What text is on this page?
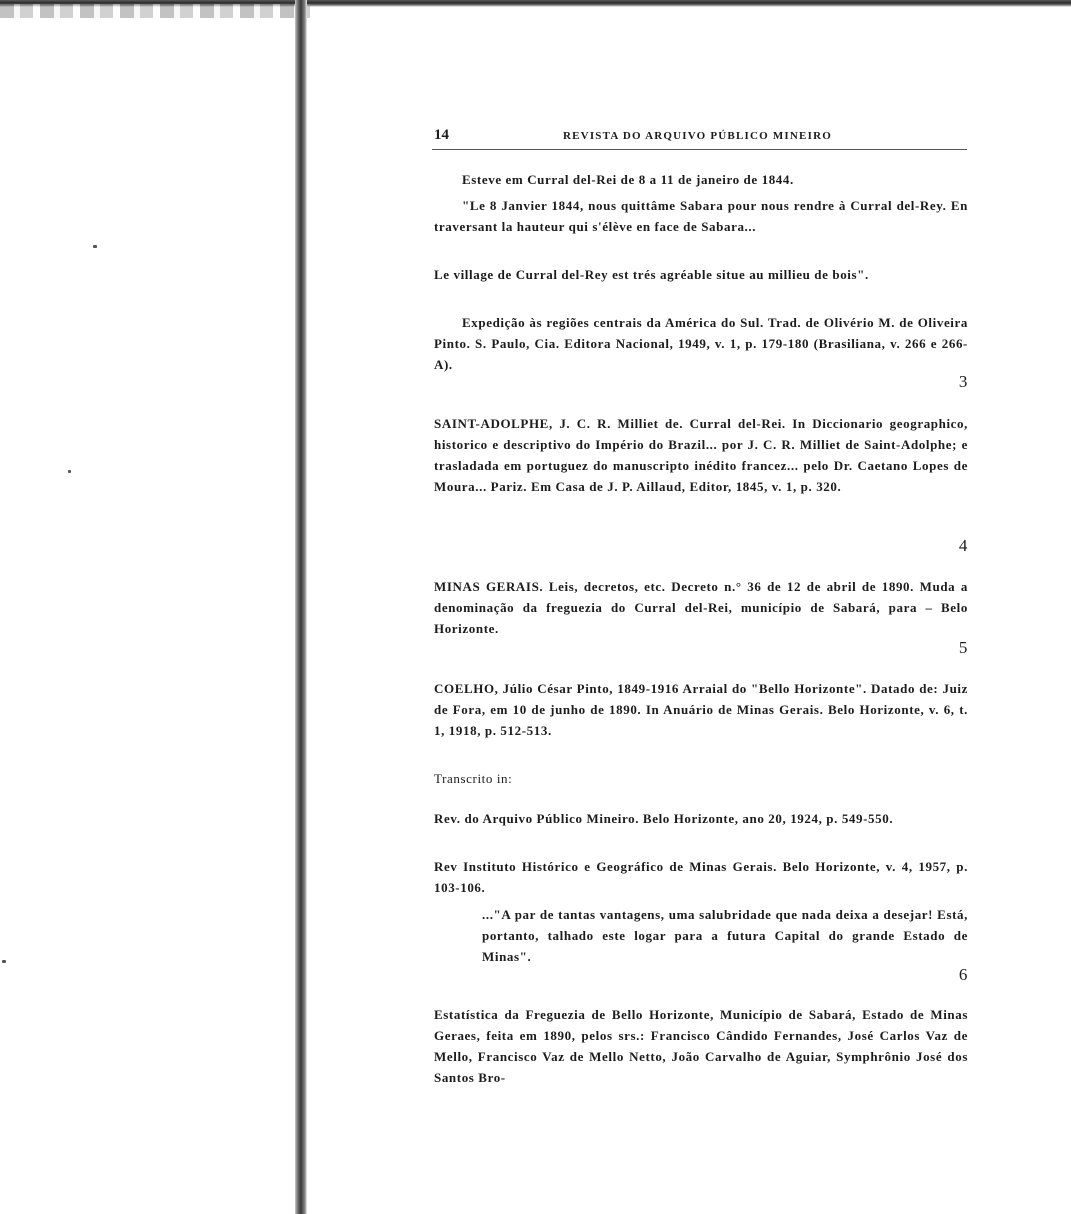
14	REVISTA DO ARQUIVO PÚBLICO MINEIRO

Esteve em Curral del-Rei de 8 a 11 de janeiro de 1844.

"Le 8 Janvier 1844, nous quittâme Sabara pour nous rendre à Curral del-Rey. En traversant la hauteur qui s'élève en face de Sabara...

Le village de Curral del-Rey est trés agréable situe au millieu de bois".

Expedição às regiões centrais da América do Sul. Trad. de Olivério M. de Oliveira Pinto. S. Paulo, Cia. Editora Nacional, 1949, v. 1, p. 179-180 (Brasiliana, v. 266 e 266-A).

3

SAINT-ADOLPHE, J. C. R. Milliet de. Curral del-Rei. In Diccionario geographico, historico e descriptivo do Império do Brazil... por J. C. R. Milliet de Saint-Adolphe; e trasladada em portuguez do manuscripto inédito francez... pelo Dr. Caetano Lopes de Moura... Pariz. Em Casa de J. P. Aillaud, Editor, 1845, v. 1, p. 320.

4

MINAS GERAIS. Leis, decretos, etc. Decreto n.° 36 de 12 de abril de 1890. Muda a denominação da freguezia do Curral del-Rei, município de Sabará, para – Belo Horizonte.

5

COELHO, Júlio César Pinto, 1849-1916 Arraial do "Bello Horizonte". Datado de: Juiz de Fora, em 10 de junho de 1890. In Anuário de Minas Gerais. Belo Horizonte, v. 6, t. 1, 1918, p. 512-513.

Transcrito in:

Rev. do Arquivo Público Mineiro. Belo Horizonte, ano 20, 1924, p. 549-550.

Rev Instituto Histórico e Geográfico de Minas Gerais. Belo Horizonte, v. 4, 1957, p. 103-106.

..."A par de tantas vantagens, uma salubridade que nada deixa a desejar! Está, portanto, talhado este logar para a futura Capital do grande Estado de Minas".

6

Estatística da Freguezia de Bello Horizonte, Município de Sabará, Estado de Minas Geraes, feita em 1890, pelos srs.: Francisco Cândido Fernandes, José Carlos Vaz de Mello, Francisco Vaz de Mello Netto, João Carvalho de Aguiar, Symphrônio José dos Santos Bro-
